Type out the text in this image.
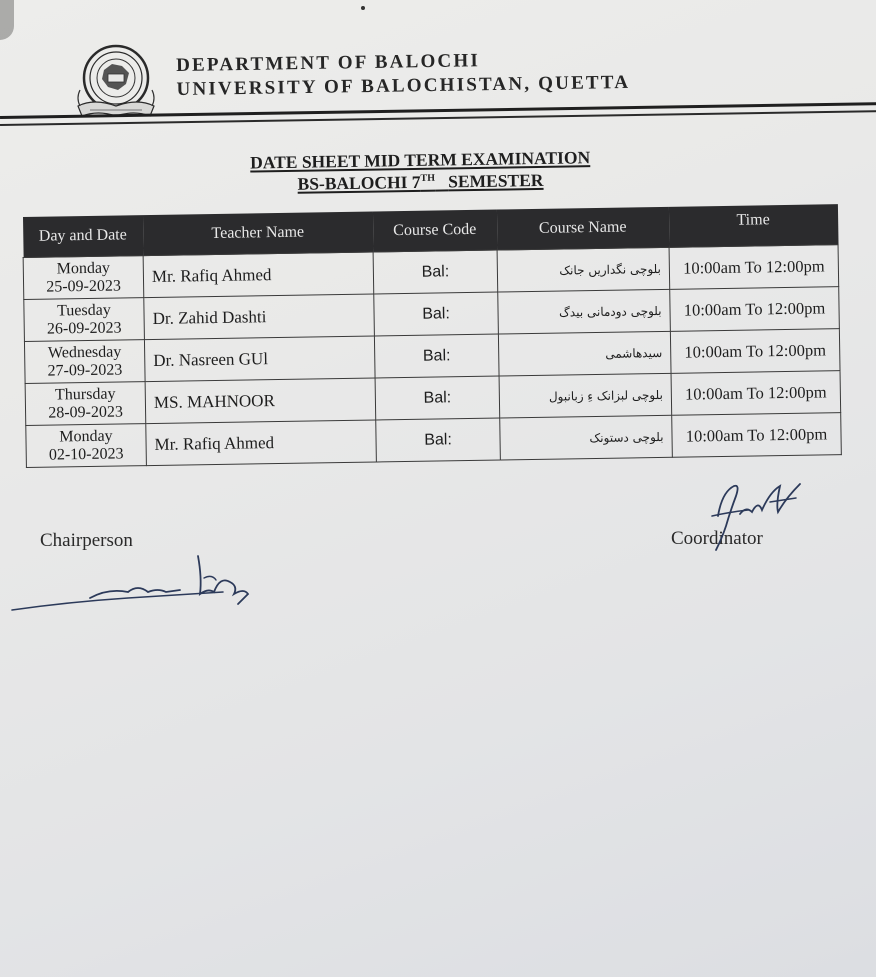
DEPARTMENT OF BALOCHI
UNIVERSITY OF BALOCHISTAN, QUETTA
DATE SHEET MID TERM EXAMINATION
BS-BALOCHI 7TH SEMESTER
Day and Date	Teacher Name	Course Code	Course Name	Time

Monday
25-09-2023	Mr. Rafiq Ahmed	Bal:	بلوچی نگداریں جانک	10:00am To 12:00pm

Tuesday
26-09-2023	Dr. Zahid Dashti	Bal:	بلوچی دودمانی بیدگ	10:00am To 12:00pm

Wednesday
27-09-2023	Dr. Nasreen GUl	Bal:	سیدھاشمی	10:00am To 12:00pm

Thursday
28-09-2023	MS. MAHNOOR	Bal:	بلوچی لبزانک ءِ زبانبول	10:00am To 12:00pm

Monday
02-10-2023	Mr. Rafiq Ahmed	Bal:	بلوچی دستونک	10:00am To 12:00pm
Chairperson	Coordinator
